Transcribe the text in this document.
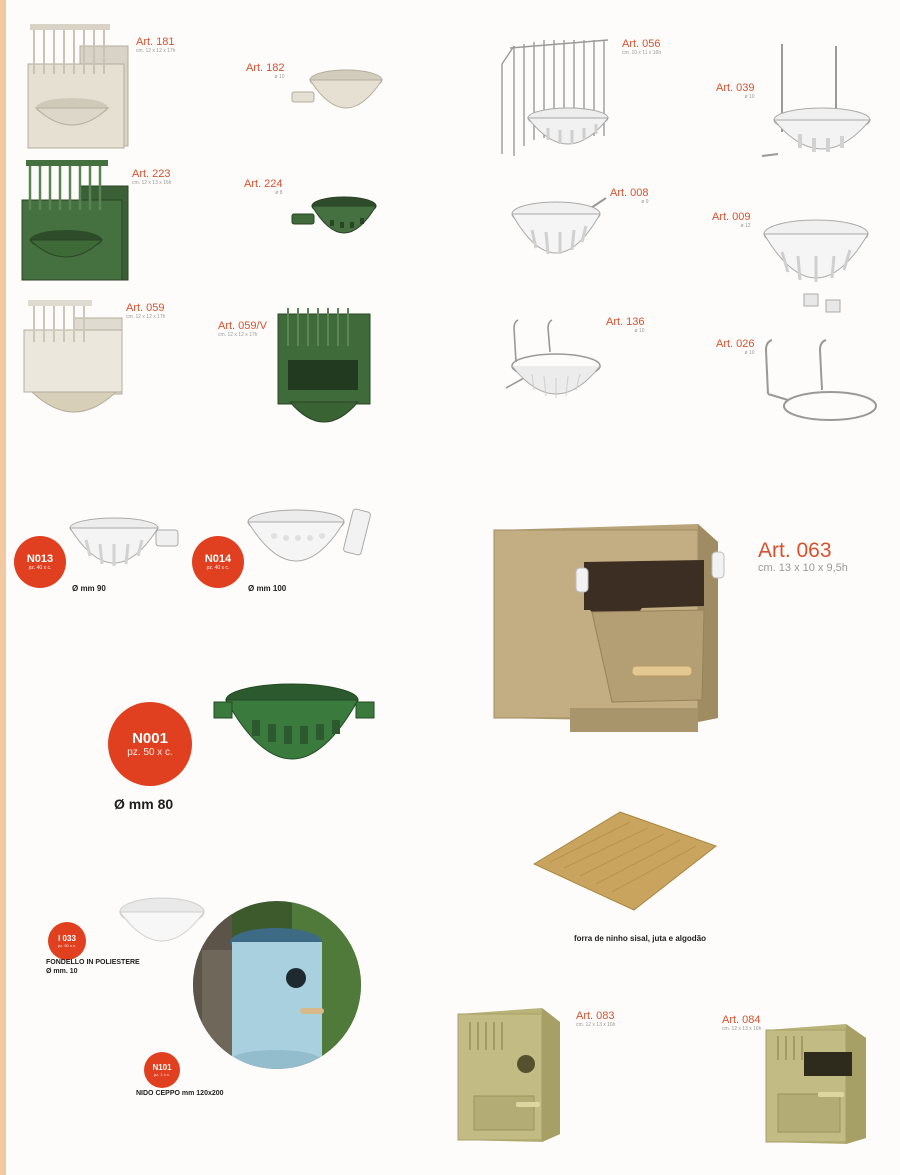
Art. 181
cm. 12 x 12 x 17h
Art. 182
ø 10
Art. 056
cm. 10 x 11 x 16h
Art. 039
ø 10
Art. 223
cm. 12 x 13 x 16h	Art. 224
ø 8	Art. 008
ø 9
Art. 009
ø 12
Art. 059
cm. 12 x 12 x 17h
Art. 059/V
cm. 12 x 12 x 17h
Art. 136
ø 10
Art. 026
ø 10
N013
pz. 40 x c.
Ø mm 90
N014
pz. 40 x c.
Ø mm 100
Art. 063
cm. 13 x 10 x 9,5h
N001
pz. 50 x c.
Ø mm 80
forra de ninho sisal, juta e algodão
I 033
pz. 50 x c.
FONDELLO IN POLIESTERE
Ø mm. 10
N101
pz. 1 x c.
NIDO CEPPO mm 120x200
Art. 083
cm. 12 x 13 x 16h	Art. 084
cm. 12 x 13 x 16h
